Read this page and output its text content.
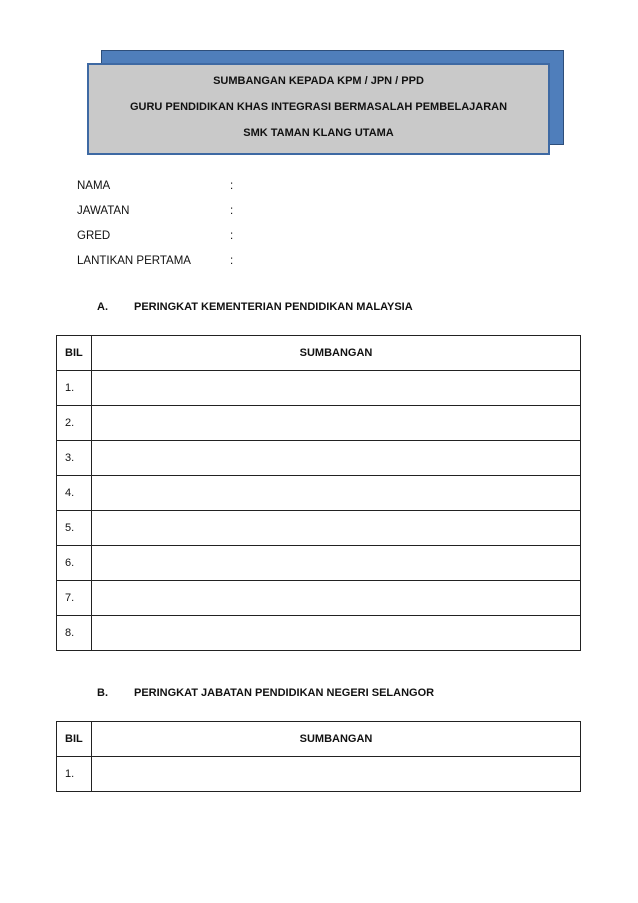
SUMBANGAN KEPADA KPM / JPN / PPD
GURU PENDIDIKAN KHAS INTEGRASI BERMASALAH PEMBELAJARAN
SMK TAMAN KLANG UTAMA
NAMA	:
JAWATAN	:
GRED	:
LANTIKAN PERTAMA	:
A. PERINGKAT KEMENTERIAN PENDIDIKAN MALAYSIA
BIL	SUMBANGAN
1.	
2.	
3.	
4.	
5.	
6.	
7.	
8.	
B. PERINGKAT JABATAN PENDIDIKAN NEGERI SELANGOR
BIL	SUMBANGAN
1.	
